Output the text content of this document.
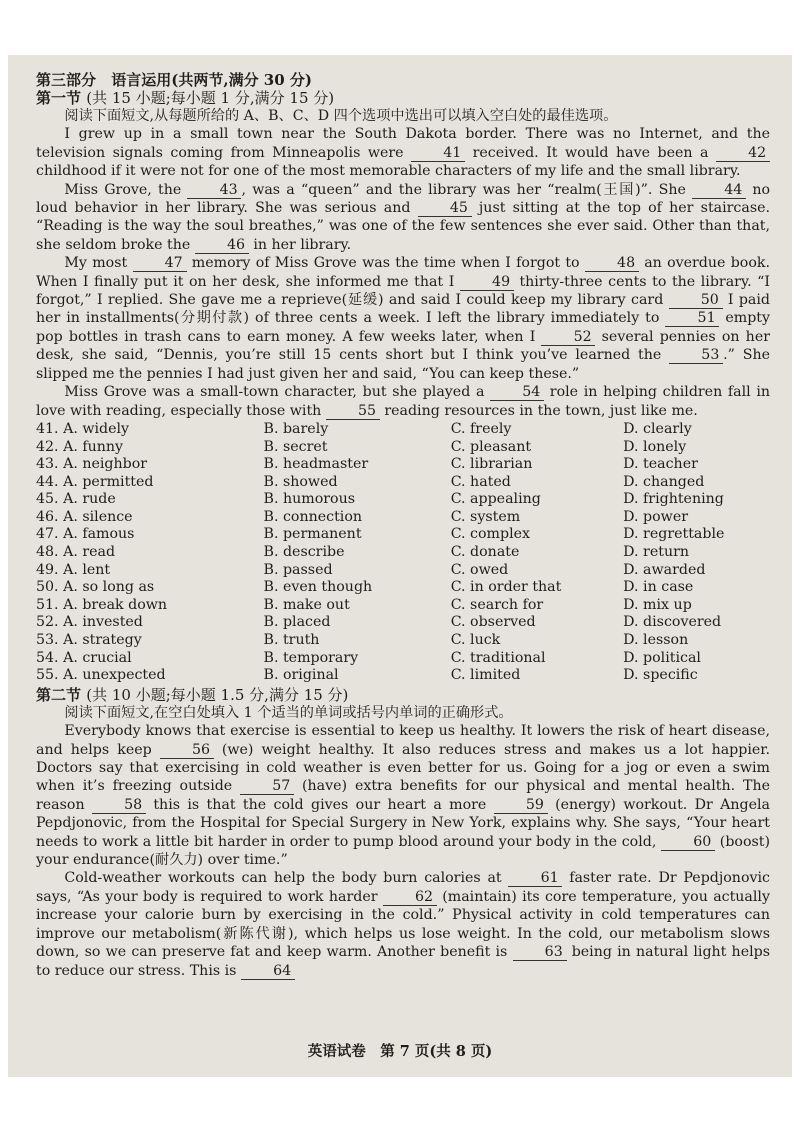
第三部分 语言运用(共两节,满分 30 分)
第一节 (共 15 小题;每小题 1 分,满分 15 分)

阅读下面短文,从每题所给的 A、B、C、D 四个选项中选出可以填入空白处的最佳选项。

I grew up in a small town near the South Dakota border. There was no Internet, and the television signals coming from Minneapolis were	41 received. It would have been a	42 childhood if it were not for one of the most memorable characters of my life and the small library.

Miss Grove, the	43 , was a “queen” and the library was her “realm(王国)”. She	44 no loud behavior in her library. She was serious and	45 just sitting at the top of her staircase. “Reading is the way the soul breathes,” was one of the few sentences she ever said. Other than that, she seldom broke the	46 in her library.

My most	47 memory of Miss Grove was the time when I forgot to	48 an overdue book. When I finally put it on her desk, she informed me that I	49 thirty-three cents to the library. “I forgot,” I replied. She gave me a reprieve(延缓) and said I could keep my library card	50 I paid her in installments(分期付款) of three cents a week. I left the library immediately to	51 empty pop bottles in trash cans to earn money. A few weeks later, when I	52 several pennies on her desk, she said, “Dennis, you’re still 15 cents short but I think you’ve learned the	53 .” She slipped me the pennies I had just given her and said, “You can keep these.”

Miss Grove was a small-town character, but she played a	54 role in helping children fall in love with reading, especially those with	55 reading resources in the town, just like me.

41. A. widely	B. barely	C. freely	D. clearly
42. A. funny	B. secret	C. pleasant	D. lonely
43. A. neighbor	B. headmaster	C. librarian	D. teacher
44. A. permitted	B. showed	C. hated	D. changed
45. A. rude	B. humorous	C. appealing	D. frightening
46. A. silence	B. connection	C. system	D. power
47. A. famous	B. permanent	C. complex	D. regrettable
48. A. read	B. describe	C. donate	D. return
49. A. lent	B. passed	C. owed	D. awarded
50. A. so long as	B. even though	C. in order that	D. in case
51. A. break down	B. make out	C. search for	D. mix up
52. A. invested	B. placed	C. observed	D. discovered
53. A. strategy	B. truth	C. luck	D. lesson
54. A. crucial	B. temporary	C. traditional	D. political
55. A. unexpected	B. original	C. limited	D. specific
第二节 (共 10 小题;每小题 1.5 分,满分 15 分)

阅读下面短文,在空白处填入 1 个适当的单词或括号内单词的正确形式。

Everybody knows that exercise is essential to keep us healthy. It lowers the risk of heart disease, and helps keep	56 (we) weight healthy. It also reduces stress and makes us a lot happier. Doctors say that exercising in cold weather is even better for us. Going for a jog or even a swim when it’s freezing outside	57 (have) extra benefits for our physical and mental health. The reason	58 this is that the cold gives our heart a more	59 (energy) workout. Dr Angela Pepdjonovic, from the Hospital for Special Surgery in New York, explains why. She says, “Your heart needs to work a little bit harder in order to pump blood around your body in the cold,	60 (boost) your endurance(耐久力) over time.”

Cold-weather workouts can help the body burn calories at	61 faster rate. Dr Pepdjonovic says, “As your body is required to work harder	62 (maintain) its core temperature, you actually increase your calorie burn by exercising in the cold.” Physical activity in cold temperatures can improve our metabolism(新陈代谢), which helps us lose weight. In the cold, our metabolism slows down, so we can preserve fat and keep warm. Another benefit is	63 being in natural light helps to reduce our stress. This is	64

英语试卷　第 7 页(共 8 页)
